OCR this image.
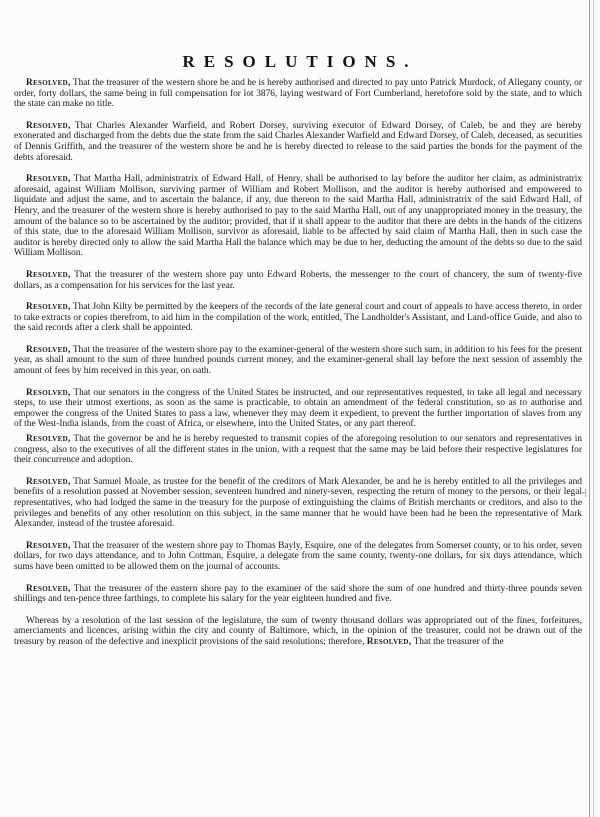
RESOLUTIONS.

Resolved, That the treasurer of the western shore be and he is hereby authorised and directed to pay unto Patrick Murdock, of Allegany county, or order, forty dollars, the same being in full compensation for lot 3876, laying westward of Fort Cumberland, heretofore sold by the state, and to which the state can make no title.

Resolved, That Charles Alexander Warfield, and Robert Dorsey, surviving executor of Edward Dorsey, of Caleb, be and they are hereby exonerated and discharged from the debts due the state from the said Charles Alexander Warfield and Edward Dorsey, of Caleb, deceased, as securities of Dennis Griffith, and the treasurer of the western shore be and he is hereby directed to release to the said parties the bonds for the payment of the debts aforesaid.

Resolved, That Martha Hall, administratrix of Edward Hall, of Henry, shall be authorised to lay before the auditor her claim, as administratrix aforesaid, against William Mollison, surviving partner of William and Robert Mollison, and the auditor is hereby authorised and empowered to liquidate and adjust the same, and to ascertain the balance, if any, due thereon to the said Martha Hall, administratrix of the said Edward Hall, of Henry, and the treasurer of the western shore is hereby authorised to pay to the said Martha Hall, out of any unappropriated money in the treasury, the amount of the balance so to be ascertained by the auditor; provided, that if it shall appear to the auditor that there are debts in the hands of the citizens of this state, due to the aforesaid William Mollison, survivor as aforesaid, liable to be affected by said claim of Martha Hall, then in such case the auditor is hereby directed only to allow the said Martha Hall the balance which may be due to her, deducting the amount of the debts so due to the said William Mollison.

Resolved, That the treasurer of the western shore pay unto Edward Roberts, the messenger to the court of chancery, the sum of twenty-five dollars, as a compensation for his services for the last year.

Resolved, That John Kilty be permitted by the keepers of the records of the late general court and court of appeals to have access thereto, in order to take extracts or copies therefrom, to aid him in the compilation of the work, entitled, The Landholder's Assistant, and Land-office Guide, and also to the said records after a clerk shall be appointed.

Resolved, That the treasurer of the western shore pay to the examiner-general of the western shore such sum, in addition to his fees for the present year, as shall amount to the sum of three hundred pounds current money, and the examiner-general shall lay before the next session of assembly the amount of fees by him received in this year, on oath.

Resolved, That our senators in the congress of the United States be instructed, and our representatives requested, to take all legal and necessary steps, to use their utmost exertions, as soon as the same is practicable, to obtain an amendment of the federal constitution, so as to authorise and empower the congress of the United States to pass a law, whenever they may deem it expedient, to prevent the further importation of slaves from any of the West-India islands, from the coast of Africa, or elsewhere, into the United States, or any part thereof.

Resolved, That the governor be and he is hereby requested to transmit copies of the aforegoing resolution to our senators and representatives in congress, also to the executives of all the different states in the union, with a request that the same may be laid before their respective legislatures for their concurrence and adoption.

Resolved, That Samuel Moale, as trustee for the benefit of the creditors of Mark Alexander, be and he is hereby entitled to all the privileges and benefits of a resolution passed at November session, seventeen hundred and ninety-seven, respecting the return of money to the persons, or their legal representatives, who had lodged the same in the treasury for the purpose of extinguishing the claims of British merchants or creditors, and also to the privileges and benefits of any other resolution on this subject, in the same manner that he would have been had he been the representative of Mark Alexander, instead of the trustee aforesaid.

Resolved, That the treasurer of the western shore pay to Thomas Bayly, Esquire, one of the delegates from Somerset county, or to his order, seven dollars, for two days attendance, and to John Cottman, Esquire, a delegate from the same county, twenty-one dollars, for six days attendance, which sums have been omitted to be allowed them on the journal of accounts.

Resolved, That the treasurer of the eastern shore pay to the examiner of the said shore the sum of one hundred and thirty-three pounds seven shillings and ten-pence three farthings, to complete his salary for the year eighteen hundred and five.

Whereas by a resolution of the last session of the legislature, the sum of twenty thousand dollars was appropriated out of the fines, forfeitures, amerciaments and licences, arising within the city and county of Baltimore, which, in the opinion of the treasurer, could not be drawn out of the treasury by reason of the defective and inexplicit provisions of the said resolutions; therefore, Resolved, That the treasurer of the

-|
